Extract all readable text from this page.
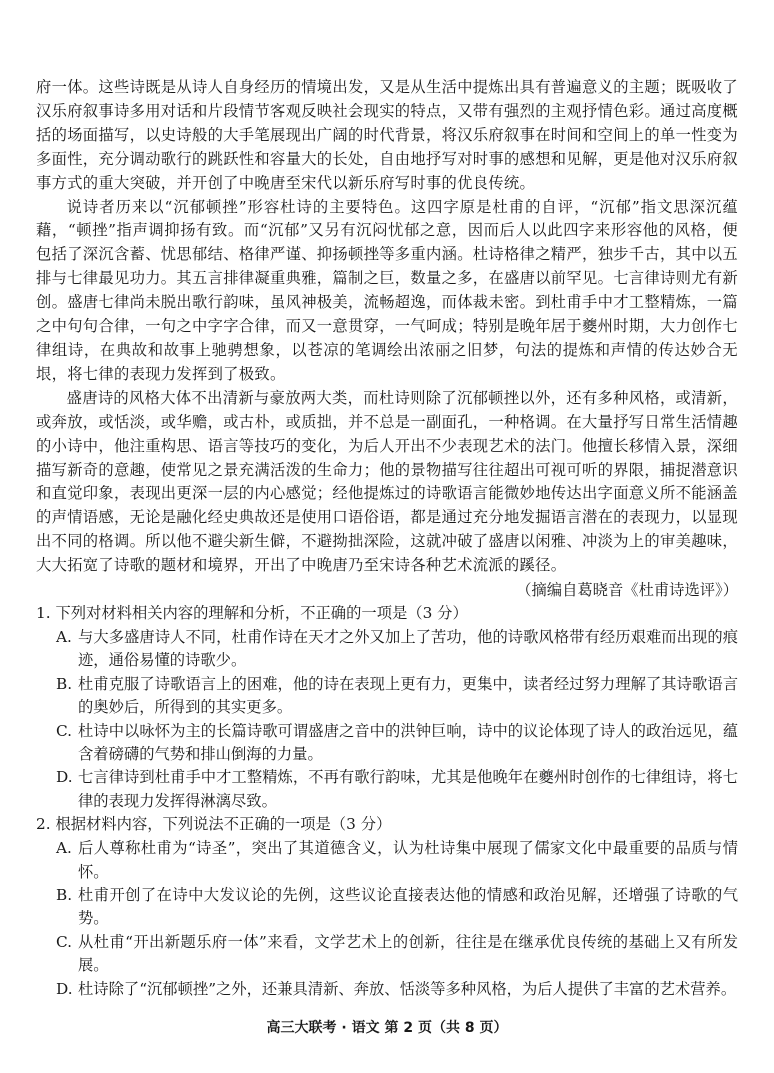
府一体。这些诗既是从诗人自身经历的情境出发，又是从生活中提炼出具有普遍意义的主题；既吸收了汉乐府叙事诗多用对话和片段情节客观反映社会现实的特点，又带有强烈的主观抒情色彩。通过高度概括的场面描写，以史诗般的大手笔展现出广阔的时代背景，将汉乐府叙事在时间和空间上的单一性变为多面性，充分调动歌行的跳跃性和容量大的长处，自由地抒写对时事的感想和见解，更是他对汉乐府叙事方式的重大突破，并开创了中晚唐至宋代以新乐府写时事的优良传统。

说诗者历来以“沉郁顿挫”形容杜诗的主要特色。这四字原是杜甫的自评，“沉郁”指文思深沉蕴藉，“顿挫”指声调抑扬有致。而“沉郁”又另有沉闷忧郁之意，因而后人以此四字来形容他的风格，便包括了深沉含蓄、忧思郁结、格律严谨、抑扬顿挫等多重内涵。杜诗格律之精严，独步千古，其中以五排与七律最见功力。其五言排律凝重典雅，篇制之巨，数量之多，在盛唐以前罕见。七言律诗则尤有新创。盛唐七律尚未脱出歌行韵味，虽风神极美，流畅超逸，而体裁未密。到杜甫手中才工整精炼，一篇之中句句合律，一句之中字字合律，而又一意贯穿，一气呵成；特别是晚年居于夔州时期，大力创作七律组诗，在典故和故事上驰骋想象，以苍凉的笔调绘出浓丽之旧梦，句法的提炼和声情的传达妙合无垠，将七律的表现力发挥到了极致。

盛唐诗的风格大体不出清新与豪放两大类，而杜诗则除了沉郁顿挫以外，还有多种风格，或清新，或奔放，或恬淡，或华赡，或古朴，或质拙，并不总是一副面孔，一种格调。在大量抒写日常生活情趣的小诗中，他注重构思、语言等技巧的变化，为后人开出不少表现艺术的法门。他擅长移情入景，深细描写新奇的意趣，使常见之景充满活泼的生命力；他的景物描写往往超出可视可听的界限，捕捉潜意识和直觉印象，表现出更深一层的内心感觉；经他提炼过的诗歌语言能微妙地传达出字面意义所不能涵盖的声情语感，无论是融化经史典故还是使用口语俗语，都是通过充分地发掘语言潜在的表现力，以显现出不同的格调。所以他不避尖新生僻，不避拗拙深险，这就冲破了盛唐以闲雅、冲淡为上的审美趣味，大大拓宽了诗歌的题材和境界，开出了中晚唐乃至宋诗各种艺术流派的蹊径。

（摘编自葛晓音《杜甫诗选评》）

1. 下列对材料相关内容的理解和分析，不正确的一项是（3 分）

A. 与大多盛唐诗人不同，杜甫作诗在天才之外又加上了苦功，他的诗歌风格带有经历艰难而出现的痕迹，通俗易懂的诗歌少。
B. 杜甫克服了诗歌语言上的困难，他的诗在表现上更有力，更集中，读者经过努力理解了其诗歌语言的奥妙后，所得到的其实更多。
C. 杜诗中以咏怀为主的长篇诗歌可谓盛唐之音中的洪钟巨响，诗中的议论体现了诗人的政治远见，蕴含着磅礴的气势和排山倒海的力量。
D. 七言律诗到杜甫手中才工整精炼，不再有歌行韵味，尤其是他晚年在夔州时创作的七律组诗，将七律的表现力发挥得淋漓尽致。

2. 根据材料内容，下列说法不正确的一项是（3 分）

A. 后人尊称杜甫为“诗圣”，突出了其道德含义，认为杜诗集中展现了儒家文化中最重要的品质与情怀。
B. 杜甫开创了在诗中大发议论的先例，这些议论直接表达他的情感和政治见解，还增强了诗歌的气势。
C. 从杜甫“开出新题乐府一体”来看，文学艺术上的创新，往往是在继承优良传统的基础上又有所发展。
D. 杜诗除了“沉郁顿挫”之外，还兼具清新、奔放、恬淡等多种风格，为后人提供了丰富的艺术营养。
高三大联考 · 语文 第 2 页（共 8 页）
